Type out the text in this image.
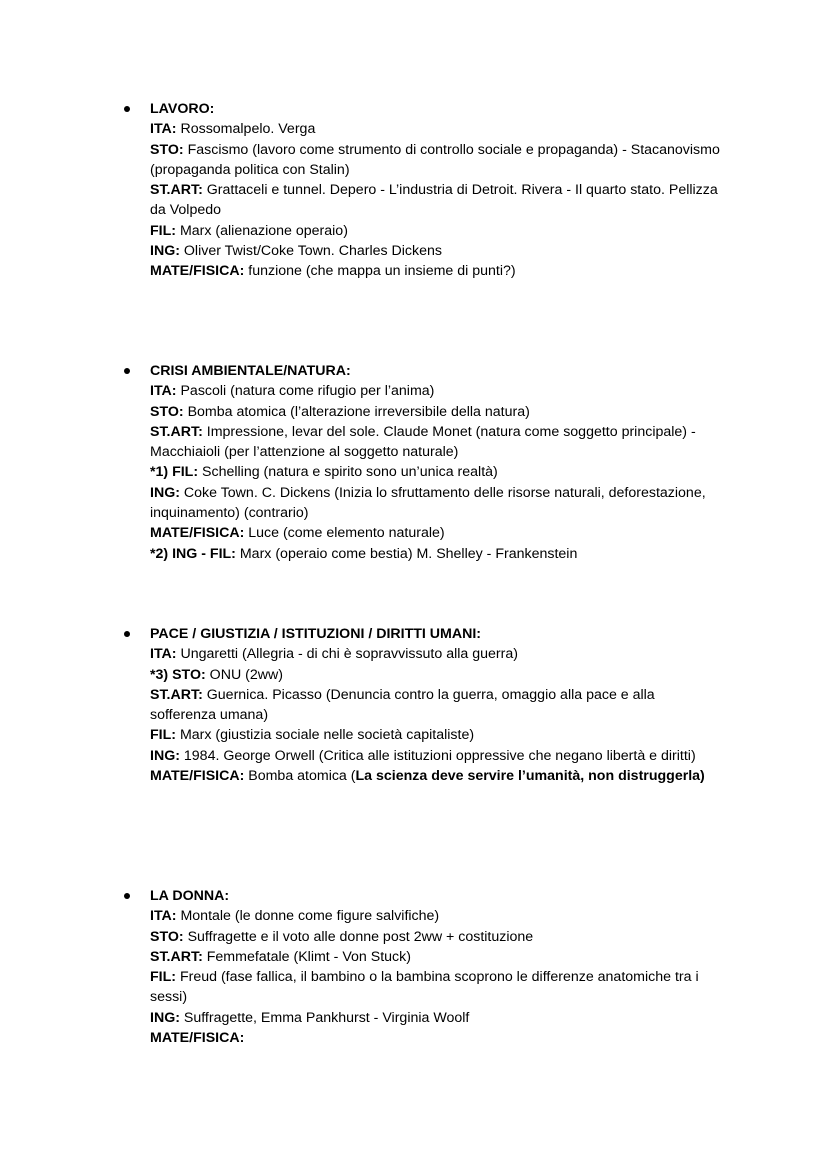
LAVORO:
ITA: Rossomalpelo. Verga
STO: Fascismo (lavoro come strumento di controllo sociale e propaganda) - Stacanovismo (propaganda politica con Stalin)
ST.ART: Grattaceli e tunnel. Depero - L’industria di Detroit. Rivera - Il quarto stato. Pellizza da Volpedo
FIL: Marx (alienazione operaio)
ING: Oliver Twist/Coke Town. Charles Dickens
MATE/FISICA: funzione (che mappa un insieme di punti?)
CRISI AMBIENTALE/NATURA:
ITA: Pascoli (natura come rifugio per l’anima)
STO: Bomba atomica (l’alterazione irreversibile della natura)
ST.ART: Impressione, levar del sole. Claude Monet (natura come soggetto principale) - Macchiaioli (per l’attenzione al soggetto naturale)
*1) FIL: Schelling (natura e spirito sono un’unica realtà)
ING: Coke Town. C. Dickens (Inizia lo sfruttamento delle risorse naturali, deforestazione, inquinamento) (contrario)
MATE/FISICA: Luce (come elemento naturale)
*2) ING - FIL: Marx (operaio come bestia) M. Shelley - Frankenstein
PACE / GIUSTIZIA / ISTITUZIONI / DIRITTI UMANI:
ITA: Ungaretti (Allegria - di chi è sopravvissuto alla guerra)
*3) STO: ONU (2ww)
ST.ART: Guernica. Picasso (Denuncia contro la guerra, omaggio alla pace e alla sofferenza umana)
FIL: Marx (giustizia sociale nelle società capitaliste)
ING: 1984. George Orwell (Critica alle istituzioni oppressive che negano libertà e diritti)
MATE/FISICA: Bomba atomica (La scienza deve servire l’umanità, non distruggerla)
LA DONNA:
ITA: Montale (le donne come figure salvifiche)
STO: Suffragette e il voto alle donne post 2ww + costituzione
ST.ART: Femmefatale (Klimt - Von Stuck)
FIL: Freud (fase fallica, il bambino o la bambina scoprono le differenze anatomiche tra i sessi)
ING: Suffragette, Emma Pankhurst - Virginia Woolf
MATE/FISICA:
